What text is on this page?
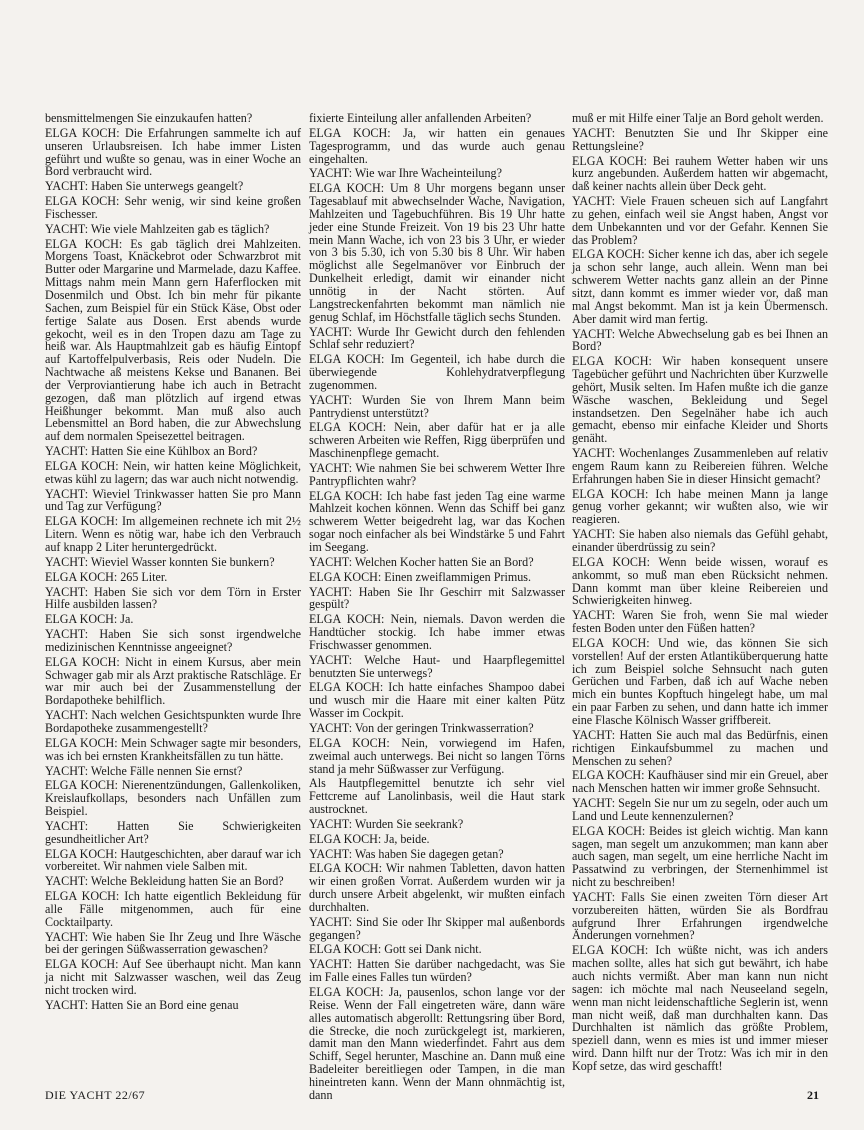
bensmittelmengen Sie einzukaufen hatten?

ELGA KOCH: Die Erfahrungen sammelte ich auf unseren Urlaubsreisen. Ich habe immer Listen geführt und wußte so genau, was in einer Woche an Bord verbraucht wird.

YACHT: Haben Sie unterwegs geangelt?

ELGA KOCH: Sehr wenig, wir sind keine großen Fischesser.

YACHT: Wie viele Mahlzeiten gab es täglich?

ELGA KOCH: Es gab täglich drei Mahlzeiten. Morgens Toast, Knäckebrot oder Schwarzbrot mit Butter oder Margarine und Marmelade, dazu Kaffee. Mittags nahm mein Mann gern Haferflocken mit Dosenmilch und Obst. Ich bin mehr für pikante Sachen, zum Beispiel für ein Stück Käse, Obst oder fertige Salate aus Dosen. Erst abends wurde gekocht, weil es in den Tropen dazu am Tage zu heiß war. Als Hauptmahlzeit gab es häufig Eintopf auf Kartoffelpulverbasis, Reis oder Nudeln. Die Nachtwache aß meistens Kekse und Bananen. Bei der Verproviantierung habe ich auch in Betracht gezogen, daß man plötzlich auf irgend etwas Heißhunger bekommt. Man muß also auch Lebensmittel an Bord haben, die zur Abwechslung auf dem normalen Speisezettel beitragen.

YACHT: Hatten Sie eine Kühlbox an Bord?

ELGA KOCH: Nein, wir hatten keine Möglichkeit, etwas kühl zu lagern; das war auch nicht notwendig.

YACHT: Wieviel Trinkwasser hatten Sie pro Mann und Tag zur Verfügung?

ELGA KOCH: Im allgemeinen rechnete ich mit 2½ Litern. Wenn es nötig war, habe ich den Verbrauch auf knapp 2 Liter heruntergedrückt.

YACHT: Wieviel Wasser konnten Sie bunkern?

ELGA KOCH: 265 Liter.

YACHT: Haben Sie sich vor dem Törn in Erster Hilfe ausbilden lassen?

ELGA KOCH: Ja.

YACHT: Haben Sie sich sonst irgendwelche medizinischen Kenntnisse angeeignet?

ELGA KOCH: Nicht in einem Kursus, aber mein Schwager gab mir als Arzt praktische Ratschläge. Er war mir auch bei der Zusammenstellung der Bordapotheke behilflich.

YACHT: Nach welchen Gesichtspunkten wurde Ihre Bordapotheke zusammengestellt?

ELGA KOCH: Mein Schwager sagte mir besonders, was ich bei ernsten Krankheitsfällen zu tun hätte.

YACHT: Welche Fälle nennen Sie ernst?

ELGA KOCH: Nierenentzündungen, Gallenkoliken, Kreislaufkollaps, besonders nach Unfällen zum Beispiel.

YACHT: Hatten Sie Schwierigkeiten gesundheitlicher Art?

ELGA KOCH: Hautgeschichten, aber darauf war ich vorbereitet. Wir nahmen viele Salben mit.

YACHT: Welche Bekleidung hatten Sie an Bord?

ELGA KOCH: Ich hatte eigentlich Bekleidung für alle Fälle mitgenommen, auch für eine Cocktailparty.

YACHT: Wie haben Sie Ihr Zeug und Ihre Wäsche bei der geringen Süßwasserration gewaschen?

ELGA KOCH: Auf See überhaupt nicht. Man kann ja nicht mit Salzwasser waschen, weil das Zeug nicht trocken wird.

YACHT: Hatten Sie an Bord eine genau

fixierte Einteilung aller anfallenden Arbeiten?

ELGA KOCH: Ja, wir hatten ein genaues Tagesprogramm, und das wurde auch genau eingehalten.

YACHT: Wie war Ihre Wacheinteilung?

ELGA KOCH: Um 8 Uhr morgens begann unser Tagesablauf mit abwechselnder Wache, Navigation, Mahlzeiten und Tagebuchführen. Bis 19 Uhr hatte jeder eine Stunde Freizeit. Von 19 bis 23 Uhr hatte mein Mann Wache, ich von 23 bis 3 Uhr, er wieder von 3 bis 5.30, ich von 5.30 bis 8 Uhr. Wir haben möglichst alle Segelmanöver vor Einbruch der Dunkelheit erledigt, damit wir einander nicht unnötig in der Nacht störten. Auf Langstreckenfahrten bekommt man nämlich nie genug Schlaf, im Höchstfalle täglich sechs Stunden.

YACHT: Wurde Ihr Gewicht durch den fehlenden Schlaf sehr reduziert?

ELGA KOCH: Im Gegenteil, ich habe durch die überwiegende Kohlehydratverpflegung zugenommen.

YACHT: Wurden Sie von Ihrem Mann beim Pantrydienst unterstützt?

ELGA KOCH: Nein, aber dafür hat er ja alle schweren Arbeiten wie Reffen, Rigg überprüfen und Maschinenpflege gemacht.

YACHT: Wie nahmen Sie bei schwerem Wetter Ihre Pantrypflichten wahr?

ELGA KOCH: Ich habe fast jeden Tag eine warme Mahlzeit kochen können. Wenn das Schiff bei ganz schwerem Wetter beigedreht lag, war das Kochen sogar noch einfacher als bei Windstärke 5 und Fahrt im Seegang.

YACHT: Welchen Kocher hatten Sie an Bord?

ELGA KOCH: Einen zweiflammigen Primus.

YACHT: Haben Sie Ihr Geschirr mit Salzwasser gespült?

ELGA KOCH: Nein, niemals. Davon werden die Handtücher stockig. Ich habe immer etwas Frischwasser genommen.

YACHT: Welche Haut- und Haarpflegemittel benutzten Sie unterwegs?

ELGA KOCH: Ich hatte einfaches Shampoo dabei und wusch mir die Haare mit einer kalten Pütz Wasser im Cockpit.

YACHT: Von der geringen Trinkwasserration?

ELGA KOCH: Nein, vorwiegend im Hafen, zweimal auch unterwegs. Bei nicht so langen Törns stand ja mehr Süßwasser zur Verfügung.

Als Hautpflegemittel benutzte ich sehr viel Fettcreme auf Lanolinbasis, weil die Haut stark austrocknet.

YACHT: Wurden Sie seekrank?

ELGA KOCH: Ja, beide.

YACHT: Was haben Sie dagegen getan?

ELGA KOCH: Wir nahmen Tabletten, davon hatten wir einen großen Vorrat. Außerdem wurden wir ja durch unsere Arbeit abgelenkt, wir mußten einfach durchhalten.

YACHT: Sind Sie oder Ihr Skipper mal außenbords gegangen?

ELGA KOCH: Gott sei Dank nicht.

YACHT: Hatten Sie darüber nachgedacht, was Sie im Falle eines Falles tun würden?

ELGA KOCH: Ja, pausenlos, schon lange vor der Reise. Wenn der Fall eingetreten wäre, dann wäre alles automatisch abgerollt: Rettungsring über Bord, die Strecke, die noch zurückgelegt ist, markieren, damit man den Mann wiederfindet. Fahrt aus dem Schiff, Segel herunter, Maschine an. Dann muß eine Badeleiter bereitliegen oder Tampen, in die man hineintreten kann. Wenn der Mann ohnmächtig ist, dann

muß er mit Hilfe einer Talje an Bord geholt werden.

YACHT: Benutzten Sie und Ihr Skipper eine Rettungsleine?

ELGA KOCH: Bei rauhem Wetter haben wir uns kurz angebunden. Außerdem hatten wir abgemacht, daß keiner nachts allein über Deck geht.

YACHT: Viele Frauen scheuen sich auf Langfahrt zu gehen, einfach weil sie Angst haben, Angst vor dem Unbekannten und vor der Gefahr. Kennen Sie das Problem?

ELGA KOCH: Sicher kenne ich das, aber ich segele ja schon sehr lange, auch allein. Wenn man bei schwerem Wetter nachts ganz allein an der Pinne sitzt, dann kommt es immer wieder vor, daß man mal Angst bekommt. Man ist ja kein Übermensch. Aber damit wird man fertig.

YACHT: Welche Abwechselung gab es bei Ihnen an Bord?

ELGA KOCH: Wir haben konsequent unsere Tagebücher geführt und Nachrichten über Kurzwelle gehört, Musik selten. Im Hafen mußte ich die ganze Wäsche waschen, Bekleidung und Segel instandsetzen. Den Segelnäher habe ich auch gemacht, ebenso mir einfache Kleider und Shorts genäht.

YACHT: Wochenlanges Zusammenleben auf relativ engem Raum kann zu Reibereien führen. Welche Erfahrungen haben Sie in dieser Hinsicht gemacht?

ELGA KOCH: Ich habe meinen Mann ja lange genug vorher gekannt; wir wußten also, wie wir reagieren.

YACHT: Sie haben also niemals das Gefühl gehabt, einander überdrüssig zu sein?

ELGA KOCH: Wenn beide wissen, worauf es ankommt, so muß man eben Rücksicht nehmen. Dann kommt man über kleine Reibereien und Schwierigkeiten hinweg.

YACHT: Waren Sie froh, wenn Sie mal wieder festen Boden unter den Füßen hatten?

ELGA KOCH: Und wie, das können Sie sich vorstellen! Auf der ersten Atlantiküberquerung hatte ich zum Beispiel solche Sehnsucht nach guten Gerüchen und Farben, daß ich auf Wache neben mich ein buntes Kopftuch hingelegt habe, um mal ein paar Farben zu sehen, und dann hatte ich immer eine Flasche Kölnisch Wasser griffbereit.

YACHT: Hatten Sie auch mal das Bedürfnis, einen richtigen Einkaufsbummel zu machen und Menschen zu sehen?

ELGA KOCH: Kaufhäuser sind mir ein Greuel, aber nach Menschen hatten wir immer große Sehnsucht.

YACHT: Segeln Sie nur um zu segeln, oder auch um Land und Leute kennenzulernen?

ELGA KOCH: Beides ist gleich wichtig. Man kann sagen, man segelt um anzukommen; man kann aber auch sagen, man segelt, um eine herrliche Nacht im Passatwind zu verbringen, der Sternenhimmel ist nicht zu beschreiben!

YACHT: Falls Sie einen zweiten Törn dieser Art vorzubereiten hätten, würden Sie als Bordfrau aufgrund Ihrer Erfahrungen irgendwelche Änderungen vornehmen?

ELGA KOCH: Ich wüßte nicht, was ich anders machen sollte, alles hat sich gut bewährt, ich habe auch nichts vermißt. Aber man kann nun nicht sagen: ich möchte mal nach Neuseeland segeln, wenn man nicht leidenschaftliche Seglerin ist, wenn man nicht weiß, daß man durchhalten kann. Das Durchhalten ist nämlich das größte Problem, speziell dann, wenn es mies ist und immer mieser wird. Dann hilft nur der Trotz: Was ich mir in den Kopf setze, das wird geschafft!

DIE YACHT 22/67	21
